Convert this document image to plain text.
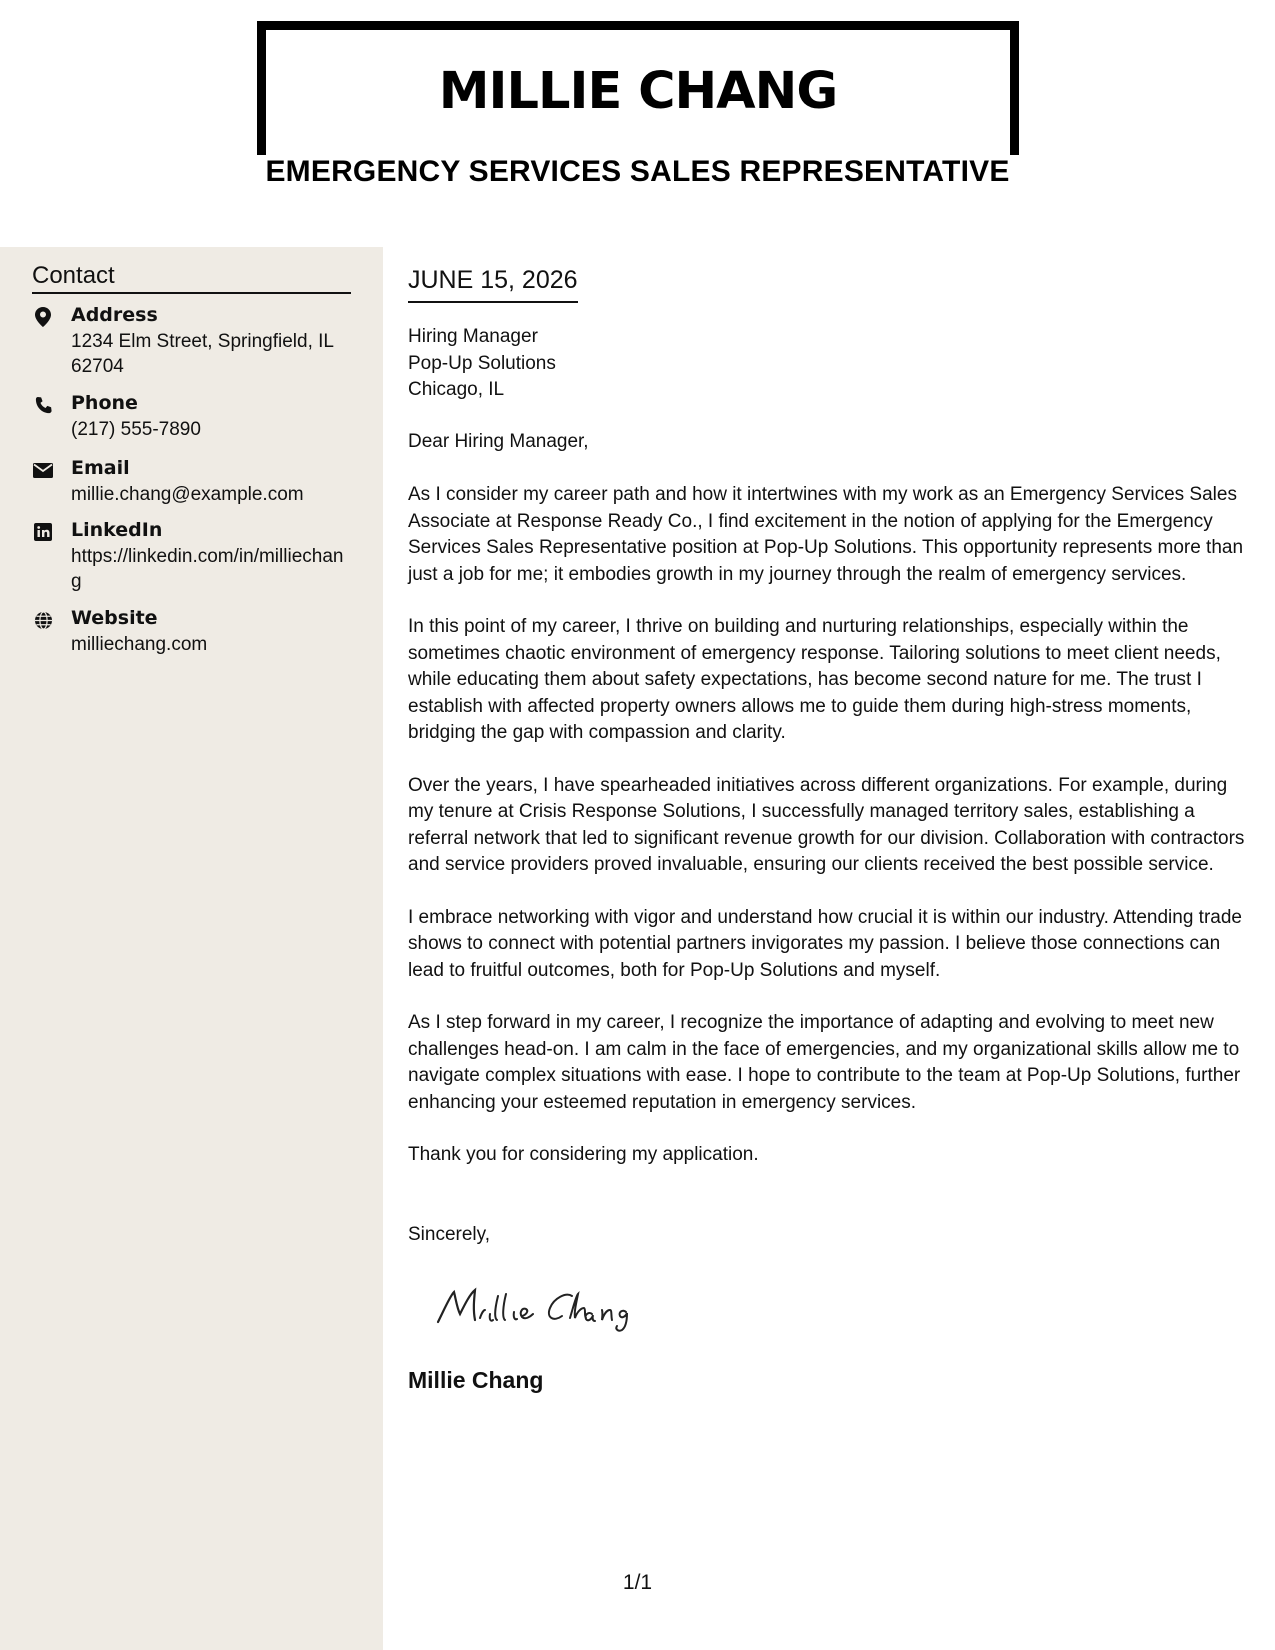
MILLIE CHANG
EMERGENCY SERVICES SALES REPRESENTATIVE
Contact
Address
1234 Elm Street, Springfield, IL 62704
Phone
(217) 555-7890
Email
millie.chang@example.com
LinkedIn
https://linkedin.com/in/milliechang
Website
milliechang.com
JUNE 15, 2026
Hiring Manager
Pop-Up Solutions
Chicago, IL
Dear Hiring Manager,

As I consider my career path and how it intertwines with my work as an Emergency Services Sales Associate at Response Ready Co., I find excitement in the notion of applying for the Emergency Services Sales Representative position at Pop-Up Solutions. This opportunity represents more than just a job for me; it embodies growth in my journey through the realm of emergency services.

In this point of my career, I thrive on building and nurturing relationships, especially within the sometimes chaotic environment of emergency response. Tailoring solutions to meet client needs, while educating them about safety expectations, has become second nature for me. The trust I establish with affected property owners allows me to guide them during high-stress moments, bridging the gap with compassion and clarity.

Over the years, I have spearheaded initiatives across different organizations. For example, during my tenure at Crisis Response Solutions, I successfully managed territory sales, establishing a referral network that led to significant revenue growth for our division. Collaboration with contractors and service providers proved invaluable, ensuring our clients received the best possible service.

I embrace networking with vigor and understand how crucial it is within our industry. Attending trade shows to connect with potential partners invigorates my passion. I believe those connections can lead to fruitful outcomes, both for Pop-Up Solutions and myself.

As I step forward in my career, I recognize the importance of adapting and evolving to meet new challenges head-on. I am calm in the face of emergencies, and my organizational skills allow me to navigate complex situations with ease. I hope to contribute to the team at Pop-Up Solutions, further enhancing your esteemed reputation in emergency services.

Thank you for considering my application.

Sincerely,
Millie Chang
1/1
